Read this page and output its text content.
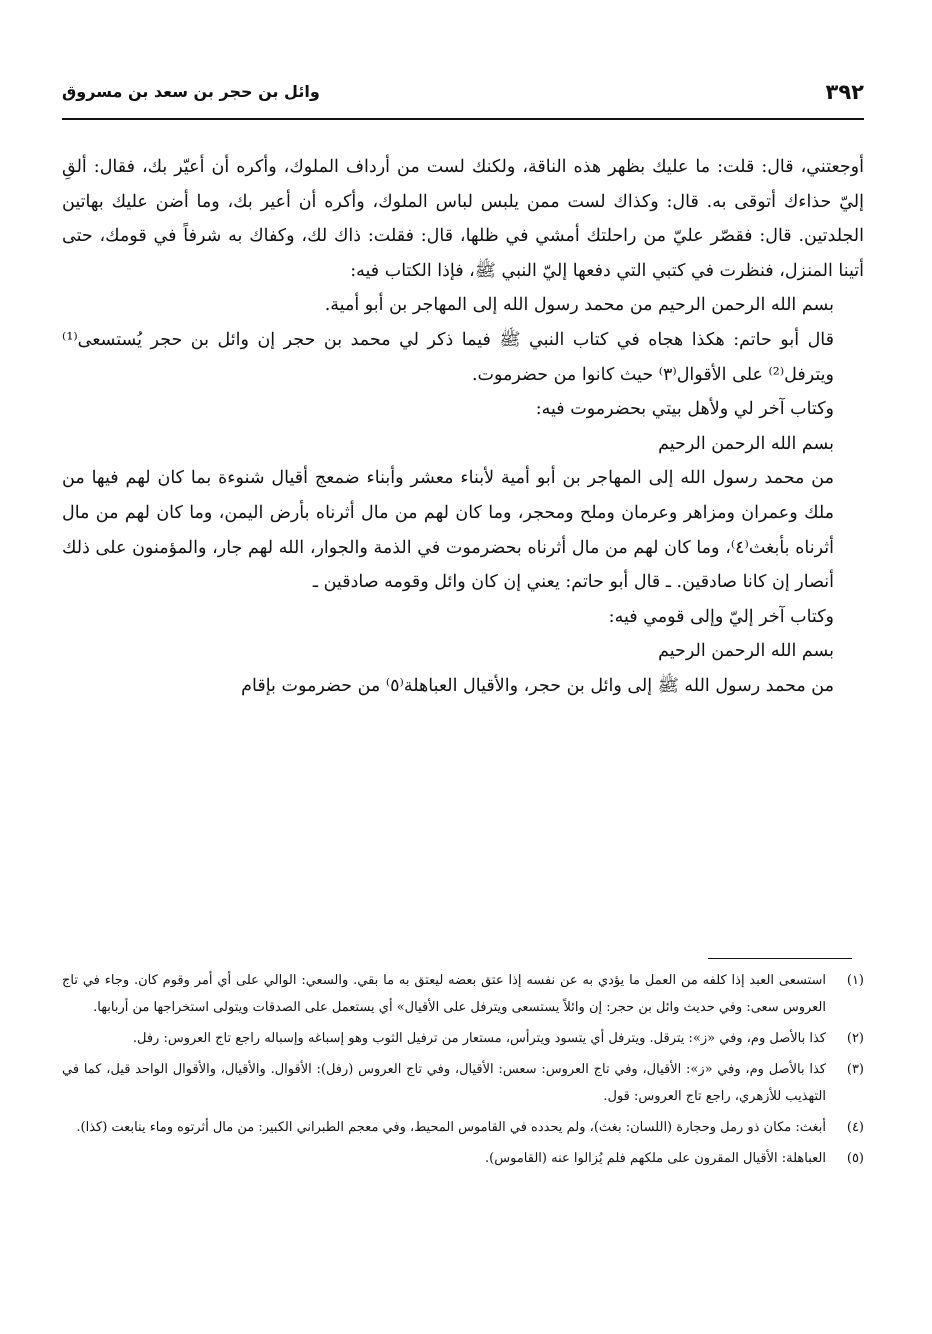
٣٩٢
وائل بن حجر بن سعد بن مسروق

أوجعتني، قال: قلت: ما عليك بظهر هذه الناقة، ولكنك لست من أرداف الملوك، وأكره أن أعيّر بك، فقال: ألقِ إليّ حذاءك أتوقى به. قال: وكذاك لست ممن يلبس لباس الملوك، وأكره أن أعير بك، وما أضن عليك بهاتين الجلدتين. قال: فقصّر عليّ من راحلتك أمشي في ظلها، قال: فقلت: ذاك لك، وكفاك به شرفاً في قومك، حتى أتينا المنزل، فنظرت في كتبي التي دفعها إليّ النبي ﷺ، فإذا الكتاب فيه:

بسم الله الرحمن الرحيم من محمد رسول الله إلى المهاجر بن أبو أمية.

قال أبو حاتم: هكذا هجاه في كتاب النبي ﷺ فيما ذكر لي محمد بن حجر إن وائل بن حجر يُستسعى⁽¹⁾ ويترفل⁽²⁾ على الأقوال⁽٣⁾ حيث كانوا من حضرموت.

وكتاب آخر لي ولأهل بيتي بحضرموت فيه:

بسم الله الرحمن الرحيم

من محمد رسول الله إلى المهاجر بن أبو أمية لأبناء معشر وأبناء ضمعج أقيال شنوءة بما كان لهم فيها من ملك وعمران ومزاهر وعرمان وملح ومحجر، وما كان لهم من مال أثرناه بأرض اليمن، وما كان لهم من مال أثرناه بأبغث⁽٤⁾، وما كان لهم من مال أثرناه بحضرموت في الذمة والجوار، الله لهم جار، والمؤمنون على ذلك أنصار إن كانا صادقين. ـ قال أبو حاتم: يعني إن كان وائل وقومه صادقين ـ

وكتاب آخر إليّ وإلى قومي فيه:

بسم الله الرحمن الرحيم

من محمد رسول الله ﷺ إلى وائل بن حجر، والأقيال العباهلة⁽٥⁾ من حضرموت بإقام

(١)
استسعى العبد إذا كلفه من العمل ما يؤدي به عن نفسه إذا عتق بعضه ليعتق به ما بقي. والسعي: الوالي على أي أمر وقوم كان. وجاء في تاج العروس سعى: وفي حديث وائل بن حجر: إن وائلاً يستسعى ويترفل على الأقيال» أي يستعمل على الصدقات ويتولى استخراجها من أربابها.
(٢)
كذا بالأصل وم، وفي «ز»: يترقل. ويترفل أي يتسود ويترأس، مستعار من ترفيل الثوب وهو إسباغه وإسباله راجع تاج العروس: رفل.
(٣)
كذا بالأصل وم، وفي «ز»: الأقيال، وفي تاج العروس: سعس: الأقيال، وفي تاج العروس (رفل): الأقوال. والأقيال، والأقوال الواحد قيل، كما في التهذيب للأزهري، راجع تاج العروس: قول.
(٤)
أبغث: مكان ذو رمل وحجارة (اللسان: بغث)، ولم يحدده في القاموس المحيط، وفي معجم الطبراني الكبير: من مال أثرتوه وماء ينابعت (كذا).
(٥)
العباهلة: الأقيال المقرون على ملكهم فلم يُزالوا عنه (القاموس).
